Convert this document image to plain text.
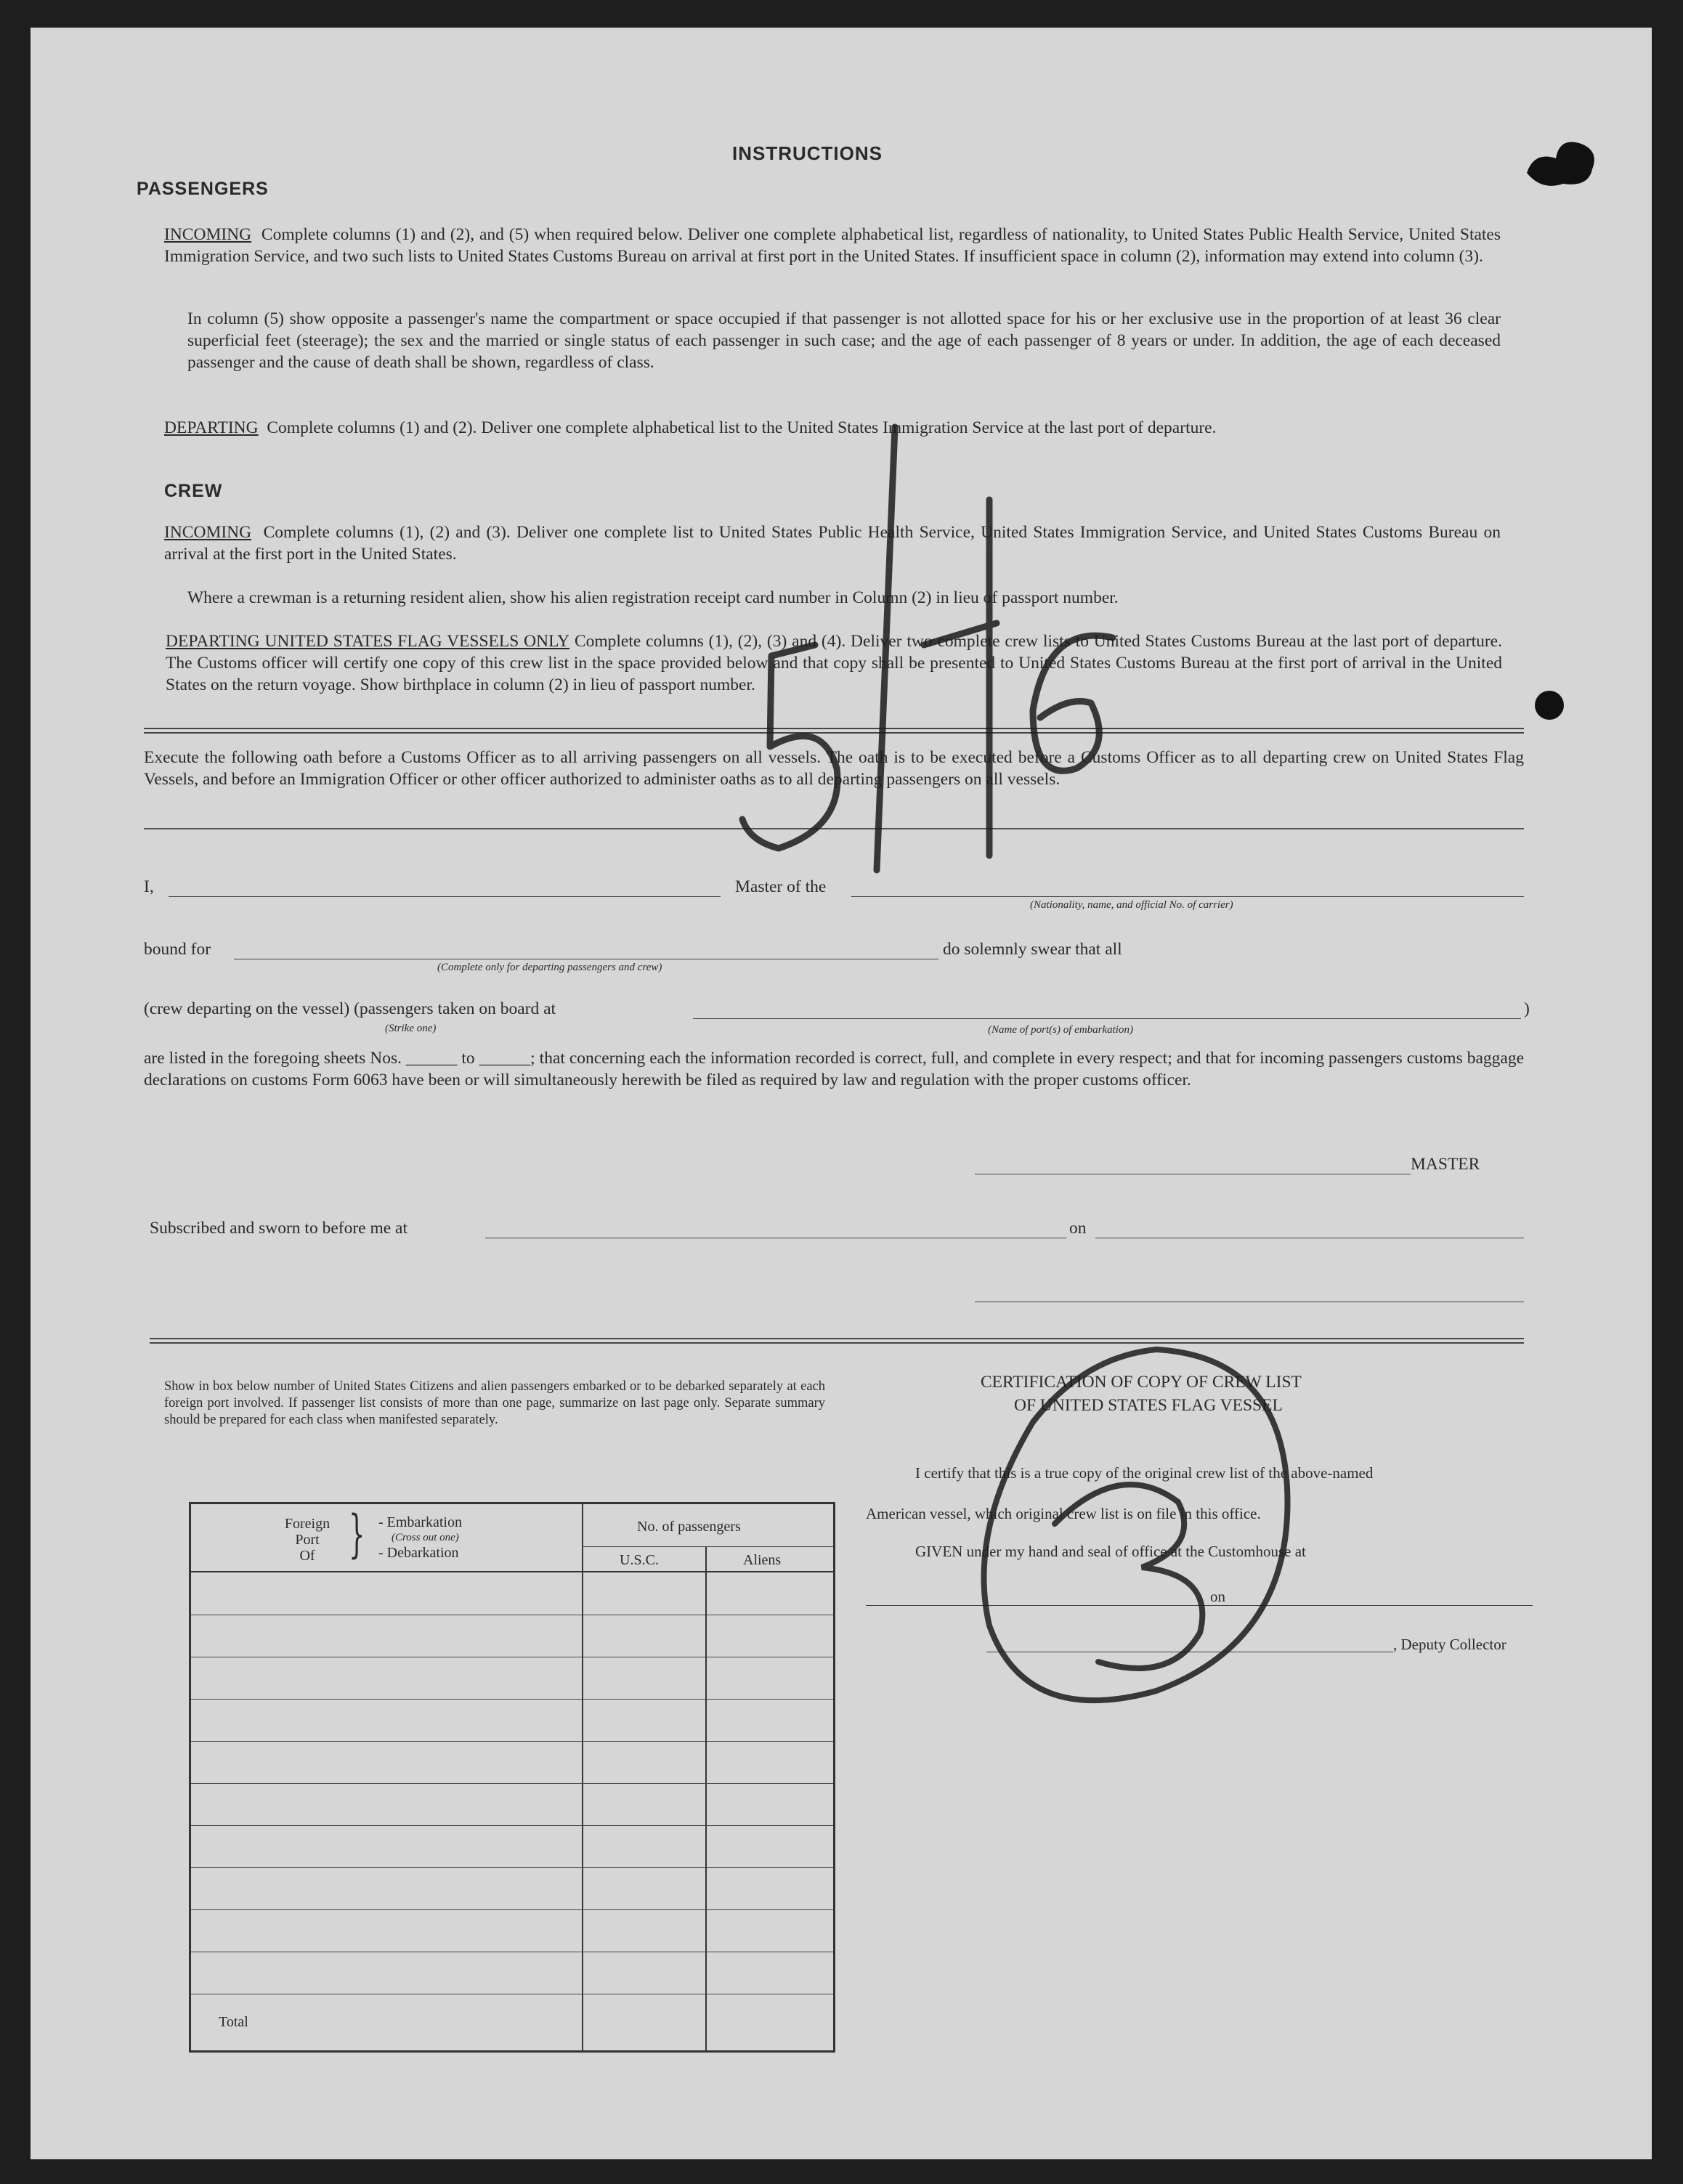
INSTRUCTIONS
PASSENGERS
INCOMING Complete columns (1) and (2), and (5) when required below. Deliver one complete alphabetical list, regardless of nationality, to United States Public Health Service, United States Immigration Service, and two such lists to United States Customs Bureau on arrival at first port in the United States. If insufficient space in column (2), information may extend into column (3).
In column (5) show opposite a passenger's name the compartment or space occupied if that passenger is not allotted space for his or her exclusive use in the proportion of at least 36 clear superficial feet (steerage); the sex and the married or single status of each passenger in such case; and the age of each passenger of 8 years or under. In addition, the age of each deceased passenger and the cause of death shall be shown, regardless of class.
DEPARTING Complete columns (1) and (2). Deliver one complete alphabetical list to the United States Immigration Service at the last port of departure.
CREW
INCOMING Complete columns (1), (2) and (3). Deliver one complete list to United States Public Health Service, United States Immigration Service, and United States Customs Bureau on arrival at the first port in the United States.
Where a crewman is a returning resident alien, show his alien registration receipt card number in Column (2) in lieu of passport number.
DEPARTING UNITED STATES FLAG VESSELS ONLY Complete columns (1), (2), (3) and (4). Deliver two complete crew lists to United States Customs Bureau at the last port of departure. The Customs officer will certify one copy of this crew list in the space provided below and that copy shall be presented to United States Customs Bureau at the first port of arrival in the United States on the return voyage. Show birthplace in column (2) in lieu of passport number.
Execute the following oath before a Customs Officer as to all arriving passengers on all vessels. The oath is to be executed before a Customs Officer as to all departing crew on United States Flag Vessels, and before an Immigration Officer or other officer authorized to administer oaths as to all departing passengers on all vessels.
I,	Master of the
(Nationality, name, and official No. of carrier)
bound for
(Complete only for departing passengers and crew)
do solemnly swear that all
(crew departing on the vessel) (passengers taken on board at	)
(Strike one)	(Name of port(s) of embarkation)
are listed in the foregoing sheets Nos. ______ to ______; that concerning each the information recorded is correct, full, and complete in every respect; and that for incoming passengers customs baggage declarations on customs Form 6063 have been or will simultaneously herewith be filed as required by law and regulation with the proper customs officer.
MASTER
Subscribed and sworn to before me at	on
Show in box below number of United States Citizens and alien passengers embarked or to be debarked separately at each foreign port involved. If passenger list consists of more than one page, summarize on last page only. Separate summary should be prepared for each class when manifested separately.
Foreign
Port
Of } - Embarkation
(Cross out one)
- Debarkation
No. of passengers
U.S.C.	Aliens
Total
CERTIFICATION OF COPY OF CREW LIST
OF UNITED STATES FLAG VESSEL
I certify that this is a true copy of the original crew list of the above-named
American vessel, which original crew list is on file in this office.
GIVEN under my hand and seal of office at the Customhouse at
on
, Deputy Collector
